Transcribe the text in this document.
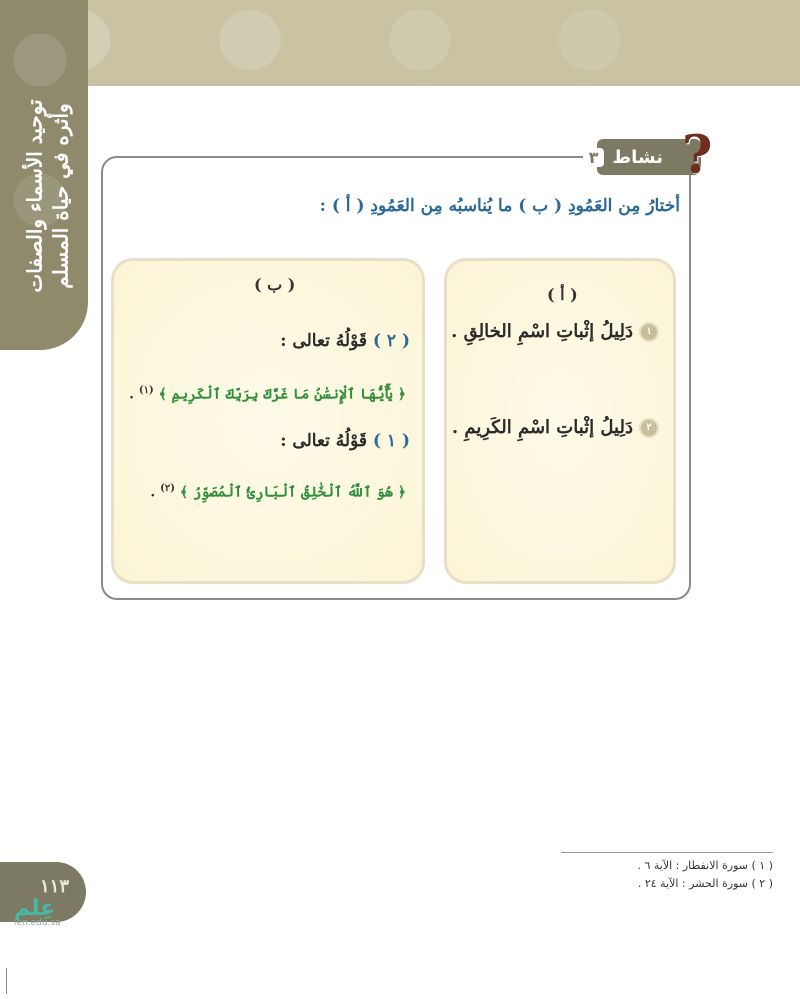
توحيد الأسماء والصفات وأثره في حياة المسلم	نشاط
٣ ?
أختارُ مِن العَمُودِ ( ب ) ما يُناسبُه مِن العَمُودِ ( أ ) :
( ب )
( ٢ ) قَوْلُهُ تعالى :
﴿ يَٰٓأَيُّهَا ٱلْإِنسَٰنُ مَا غَرَّكَ بِرَبِّكَ ٱلْكَرِيمِ ﴾ $^{(١)}$ .
( ١ ) قَوْلُهُ تعالى :
﴿ هُوَ ٱللَّهُ ٱلْخَٰلِقُ ٱلْبَارِئُ ٱلْمُصَوِّرُ ﴾ $^{(٢)}$ .
( أ )
١
دَلِيلُ إثْباتِ اسْمِ الخالِقِ .
٢
دَلِيلُ إثْباتِ اسْمِ الكَرِيمِ .
( ١ ) سورة الانفطار : الآية ٦ .
( ٢ ) سورة الحشر : الآية ٢٤ .
١١٣
عِلم
ien.edu.sa
